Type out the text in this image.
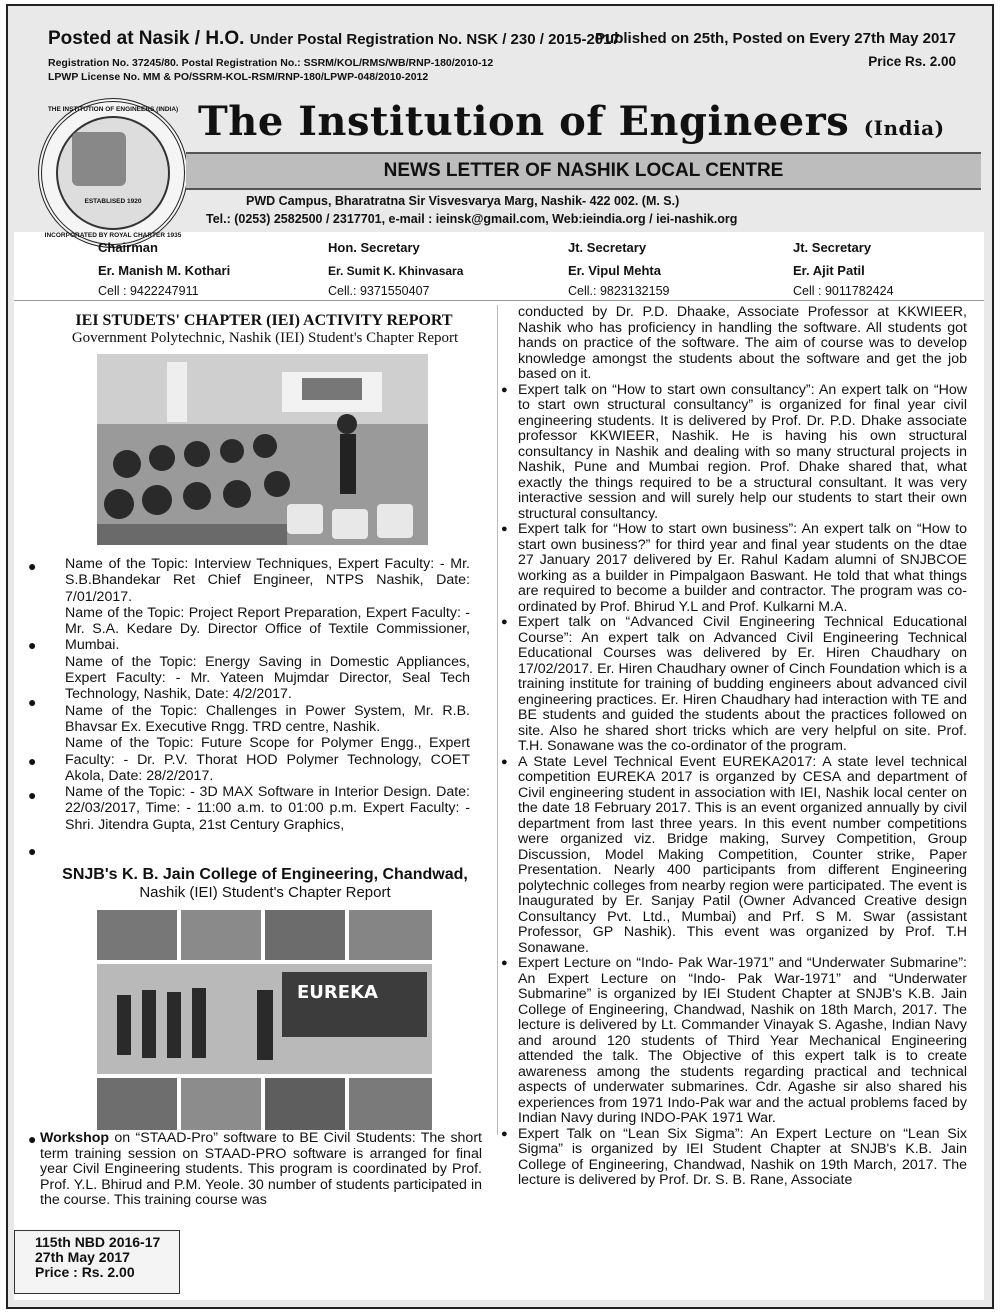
Posted at Nasik / H.O. Under Postal Registration No. NSK / 230 / 2015-2017
Registration No. 37245/80. Postal Registration No.: SSRM/KOL/RMS/WB/RNP-180/2010-12
LPWP License No. MM & PO/SSRM-KOL-RSM/RNP-180/LPWP-048/2010-2012
Published on 25th, Posted on Every 27th May 2017
Price Rs. 2.00
THE INSTITUTION OF ENGINEERS (INDIA)
ESTABLISED 1920
INCORPORATED BY ROYAL CHARTER 1935
The Institution of Engineers (India)
NEWS LETTER OF NASHIK LOCAL CENTRE
PWD Campus, Bharatratna Sir Visvesvarya Marg, Nashik- 422 002. (M. S.)
Tel.: (0253) 2582500 / 2317701, e-mail : ieinsk@gmail.com, Web:ieindia.org / iei-nashik.org
Chairman
Er. Manish M. Kothari
Cell : 9422247911
Hon. Secretary
Er. Sumit K. Khinvasara
Cell.: 9371550407
Jt. Secretary
Er. Vipul Mehta
Cell.: 9823132159
Jt. Secretary
Er. Ajit Patil
Cell : 9011782424
IEI STUDETS' CHAPTER (IEI) ACTIVITY REPORT
Government Polytechnic, Nashik (IEI) Student's Chapter Report
●
●
●
●
●
●
Name of the Topic: Interview Techniques, Expert Faculty: - Mr. S.B.Bhandekar Ret Chief Engineer, NTPS Nashik, Date: 7/01/2017.
Name of the Topic: Project Report Preparation, Expert Faculty: - Mr. S.A. Kedare Dy. Director Office of Textile Commissioner, Mumbai.
Name of the Topic: Energy Saving in Domestic Appliances, Expert Faculty: - Mr. Yateen Mujmdar Director, Seal Tech Technology, Nashik, Date: 4/2/2017.
Name of the Topic: Challenges in Power System, Mr. R.B. Bhavsar Ex. Executive Rngg. TRD centre, Nashik.
Name of the Topic: Future Scope for Polymer Engg., Expert Faculty: - Dr. P.V. Thorat HOD Polymer Technology, COET Akola, Date: 28/2/2017.
Name of the Topic: - 3D MAX Software in Interior Design. Date: 22/03/2017, Time: - 11:00 a.m. to 01:00 p.m. Expert Faculty: - Shri. Jitendra Gupta, 21st Century Graphics,
SNJB's K. B. Jain College of Engineering, Chandwad,
Nashik (IEI) Student's Chapter Report
EUREKA
● Workshop on “STAAD-Pro” software to BE Civil Students: The short term training session on STAAD-PRO software is arranged for final year Civil Engineering students. This program is coordinated by Prof. Prof. Y.L. Bhirud and P.M. Yeole. 30 number of students participated in the course. This training course was
115th NBD 2016-17
27th May 2017
Price : Rs. 2.00

conducted by Dr. P.D. Dhaake, Associate Professor at KKWIEER, Nashik who has proficiency in handling the software. All students got hands on practice of the software. The aim of course was to develop knowledge amongst the students about the software and get the job based on it.

● Expert talk on “How to start own consultancy”: An expert talk on “How to start own structural consultancy” is organized for final year civil engineering students. It is delivered by Prof. Dr. P.D. Dhake associate professor KKWIEER, Nashik. He is having his own structural consultancy in Nashik and dealing with so many structural projects in Nashik, Pune and Mumbai region. Prof. Dhake shared that, what exactly the things required to be a structural consultant. It was very interactive session and will surely help our students to start their own structural consultancy.

● Expert talk for “How to start own business”: An expert talk on “How to start own business?” for third year and final year students on the dtae 27 January 2017 delivered by Er. Rahul Kadam alumni of SNJBCOE working as a builder in Pimpalgaon Baswant. He told that what things are required to become a builder and contractor. The program was co-ordinated by Prof. Bhirud Y.L and Prof. Kulkarni M.A.

● Expert talk on “Advanced Civil Engineering Technical Educational Course”: An expert talk on Advanced Civil Engineering Technical Educational Courses was delivered by Er. Hiren Chaudhary on 17/02/2017. Er. Hiren Chaudhary owner of Cinch Foundation which is a training institute for training of budding engineers about advanced civil engineering practices. Er. Hiren Chaudhary had interaction with TE and BE students and guided the students about the practices followed on site. Also he shared short tricks which are very helpful on site. Prof. T.H. Sonawane was the co-ordinator of the program.

● A State Level Technical Event EUREKA2017: A state level technical competition EUREKA 2017 is organzed by CESA and department of Civil engineering student in association with IEI, Nashik local center on the date 18 February 2017. This is an event organized annually by civil department from last three years. In this event number competitions were organized viz. Bridge making, Survey Competition, Group Discussion, Model Making Competition, Counter strike, Paper Presentation. Nearly 400 participants from different Engineering polytechnic colleges from nearby region were participated. The event is Inaugurated by Er. Sanjay Patil (Owner Advanced Creative design Consultancy Pvt. Ltd., Mumbai) and Prf. S M. Swar (assistant Professor, GP Nashik). This event was organized by Prof. T.H Sonawane.

● Expert Lecture on “Indo- Pak War-1971” and “Underwater Submarine”: An Expert Lecture on “Indo- Pak War-1971” and “Underwater Submarine” is organized by IEI Student Chapter at SNJB's K.B. Jain College of Engineering, Chandwad, Nashik on 18th March, 2017. The lecture is delivered by Lt. Commander Vinayak S. Agashe, Indian Navy and around 120 students of Third Year Mechanical Engineering attended the talk. The Objective of this expert talk is to create awareness among the students regarding practical and technical aspects of underwater submarines. Cdr. Agashe sir also shared his experiences from 1971 Indo-Pak war and the actual problems faced by Indian Navy during INDO-PAK 1971 War.

● Expert Talk on “Lean Six Sigma”: An Expert Lecture on “Lean Six Sigma” is organized by IEI Student Chapter at SNJB's K.B. Jain College of Engineering, Chandwad, Nashik on 19th March, 2017. The lecture is delivered by Prof. Dr. S. B. Rane, Associate
